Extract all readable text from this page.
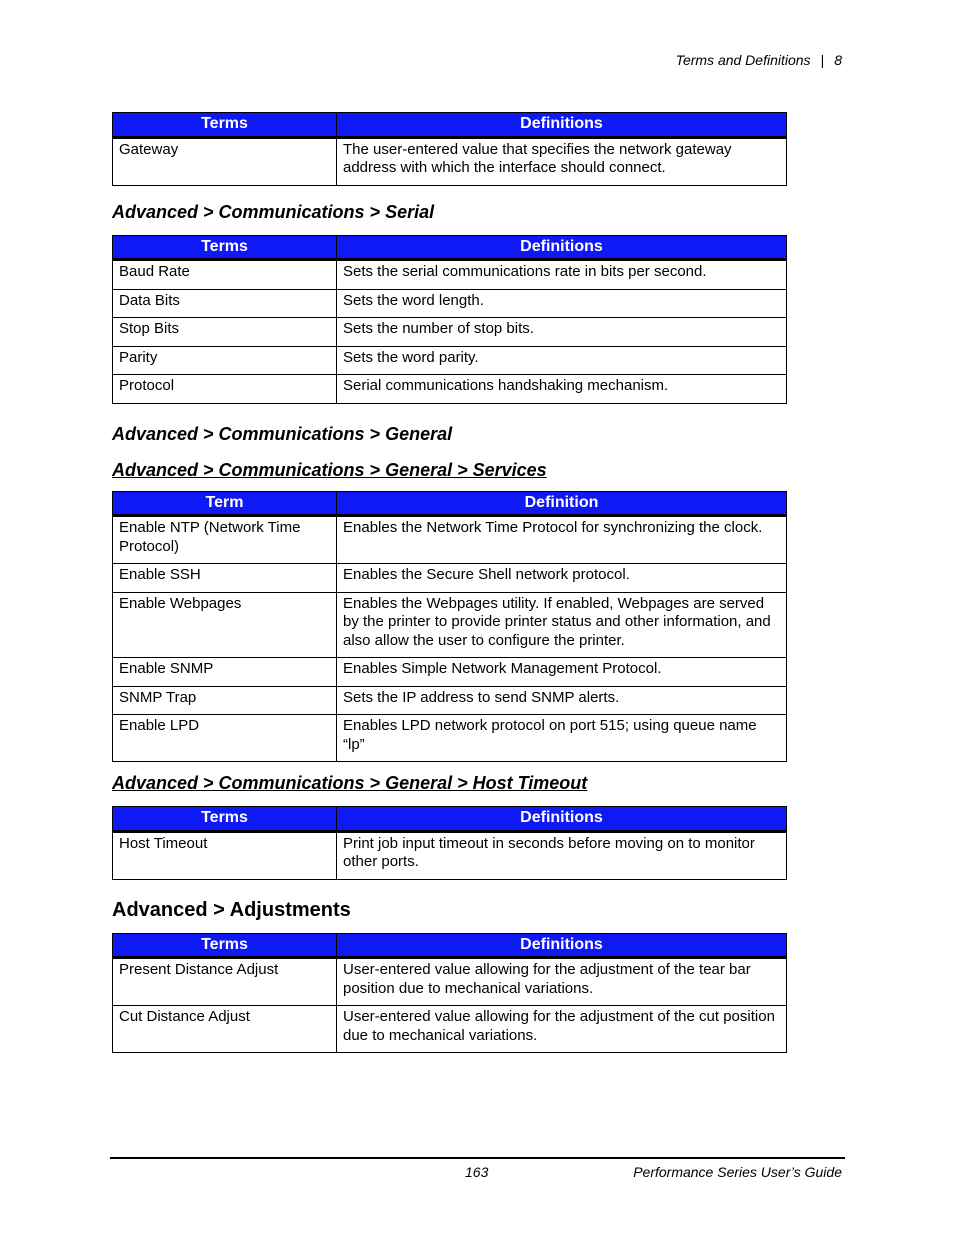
Terms and Definitions | 8
Terms	Definitions
Gateway	The user-entered value that specifies the network gateway address with which the interface should connect.
Advanced > Communications > Serial
Terms	Definitions
Baud Rate	Sets the serial communications rate in bits per second.
Data Bits	Sets the word length.
Stop Bits	Sets the number of stop bits.
Parity	Sets the word parity.
Protocol	Serial communications handshaking mechanism.
Advanced > Communications > General
Advanced > Communications > General > Services
Term	Definition
Enable NTP (Network Time Protocol)	Enables the Network Time Protocol for synchronizing the clock.
Enable SSH	Enables the Secure Shell network protocol.
Enable Webpages	Enables the Webpages utility. If enabled, Webpages are served by the printer to provide printer status and other information, and also allow the user to configure the printer.
Enable SNMP	Enables Simple Network Management Protocol.
SNMP Trap	Sets the IP address to send SNMP alerts.
Enable LPD	Enables LPD network protocol on port 515; using queue name “lp”
Advanced > Communications > General > Host Timeout
Terms	Definitions
Host Timeout	Print job input timeout in seconds before moving on to monitor other ports.
Advanced > Adjustments
Terms	Definitions
Present Distance Adjust	User-entered value allowing for the adjustment of the tear bar position due to mechanical variations.
Cut Distance Adjust	User-entered value allowing for the adjustment of the cut position due to mechanical variations.
163	Performance Series User’s Guide
